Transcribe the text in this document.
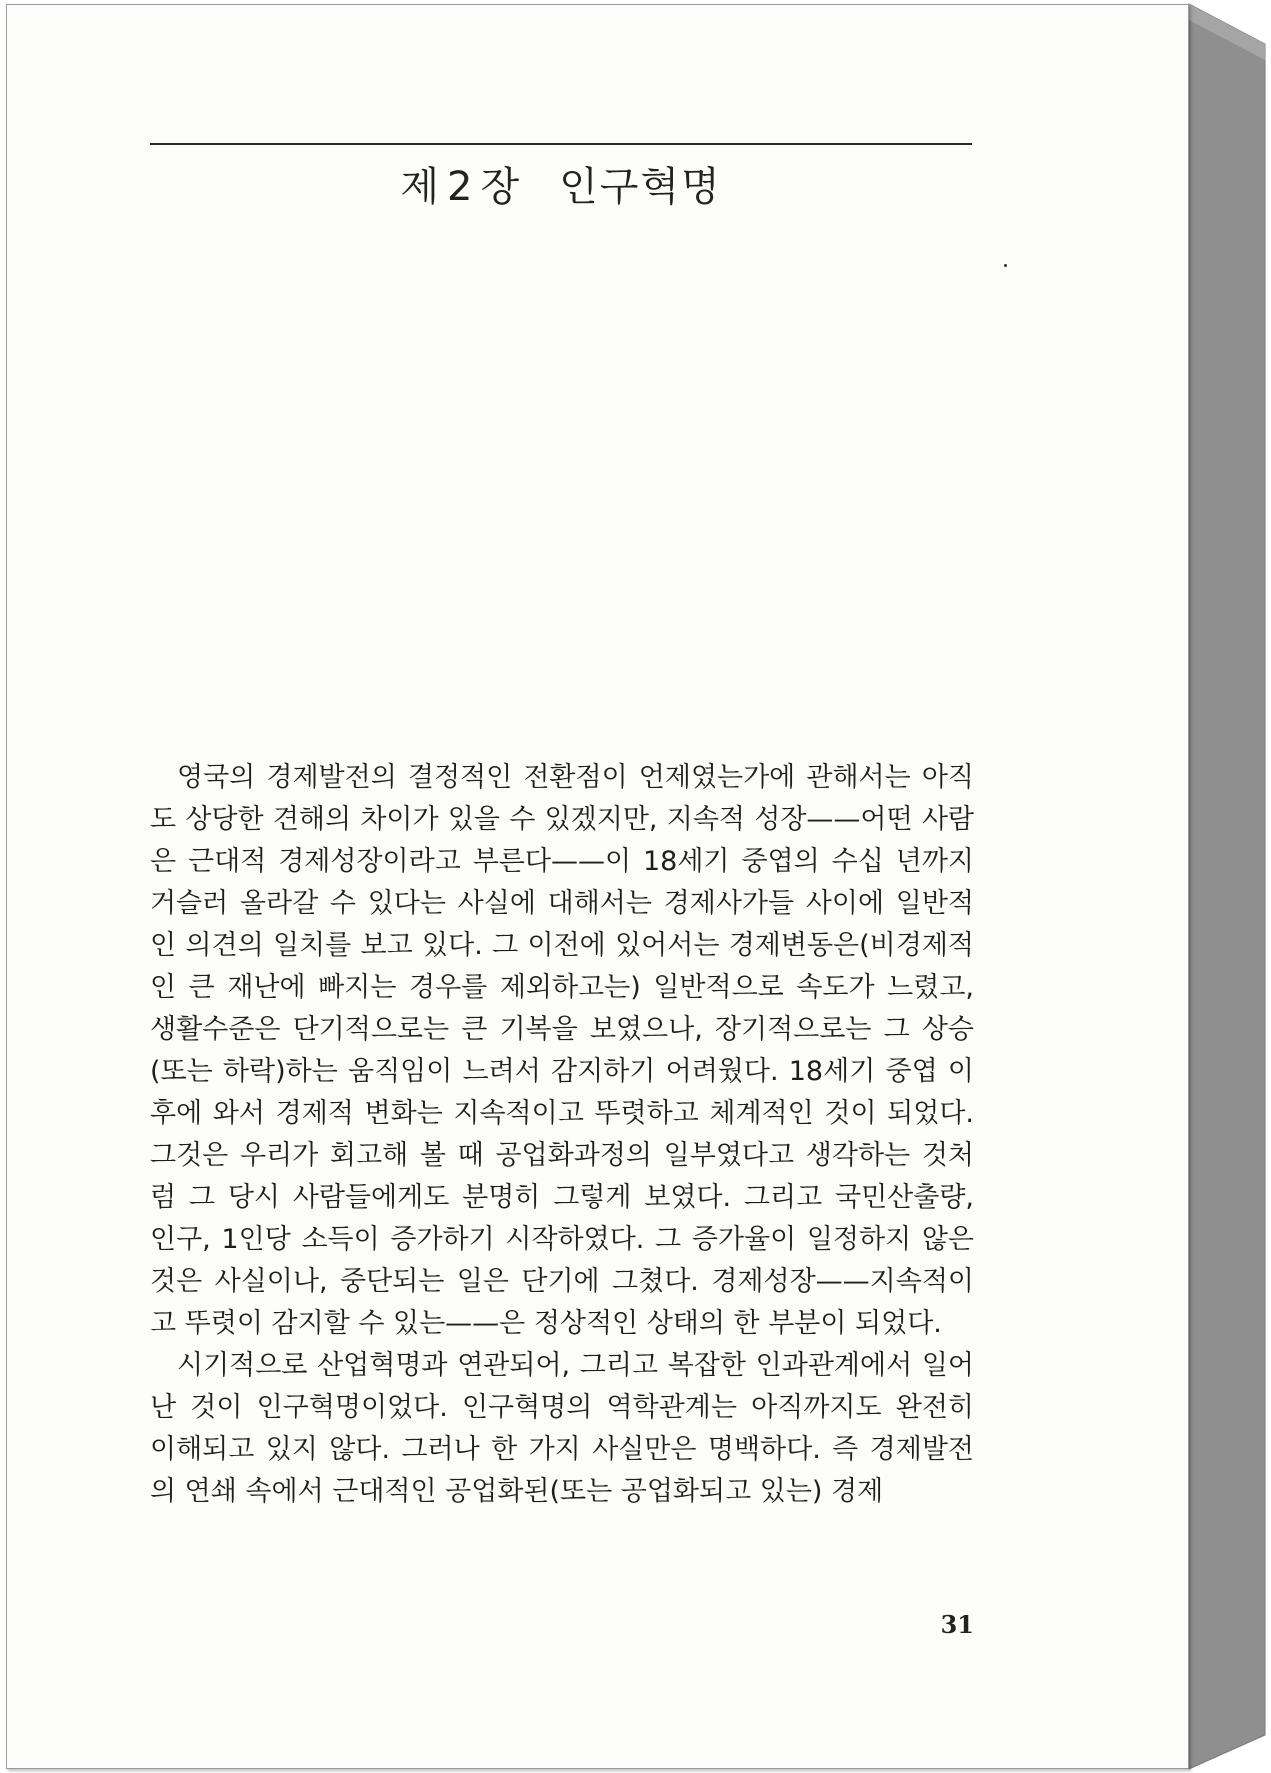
제 2 장 인구혁명

영국의 경제발전의 결정적인 전환점이 언제였는가에 관해서는 아직도 상당한 견해의 차이가 있을 수 있겠지만, 지속적 성장——어떤 사람은 근대적 경제성장이라고 부른다——이 18세기 중엽의 수십 년까지 거슬러 올라갈 수 있다는 사실에 대해서는 경제사가들 사이에 일반적인 의견의 일치를 보고 있다. 그 이전에 있어서는 경제변동은(비경제적인 큰 재난에 빠지는 경우를 제외하고는) 일반적으로 속도가 느렸고, 생활수준은 단기적으로는 큰 기복을 보였으나, 장기적으로는 그 상승(또는 하락)하는 움직임이 느려서 감지하기 어려웠다. 18세기 중엽 이후에 와서 경제적 변화는 지속적이고 뚜렷하고 체계적인 것이 되었다. 그것은 우리가 회고해 볼 때 공업화과정의 일부였다고 생각하는 것처럼 그 당시 사람들에게도 분명히 그렇게 보였다. 그리고 국민산출량, 인구, 1인당 소득이 증가하기 시작하였다. 그 증가율이 일정하지 않은 것은 사실이나, 중단되는 일은 단기에 그쳤다. 경제성장——지속적이고 뚜렷이 감지할 수 있는——은 정상적인 상태의 한 부분이 되었다.

시기적으로 산업혁명과 연관되어, 그리고 복잡한 인과관계에서 일어난 것이 인구혁명이었다. 인구혁명의 역학관계는 아직까지도 완전히 이해되고 있지 않다. 그러나 한 가지 사실만은 명백하다. 즉 경제발전의 연쇄 속에서 근대적인 공업화된(또는 공업화되고 있는) 경제

31
